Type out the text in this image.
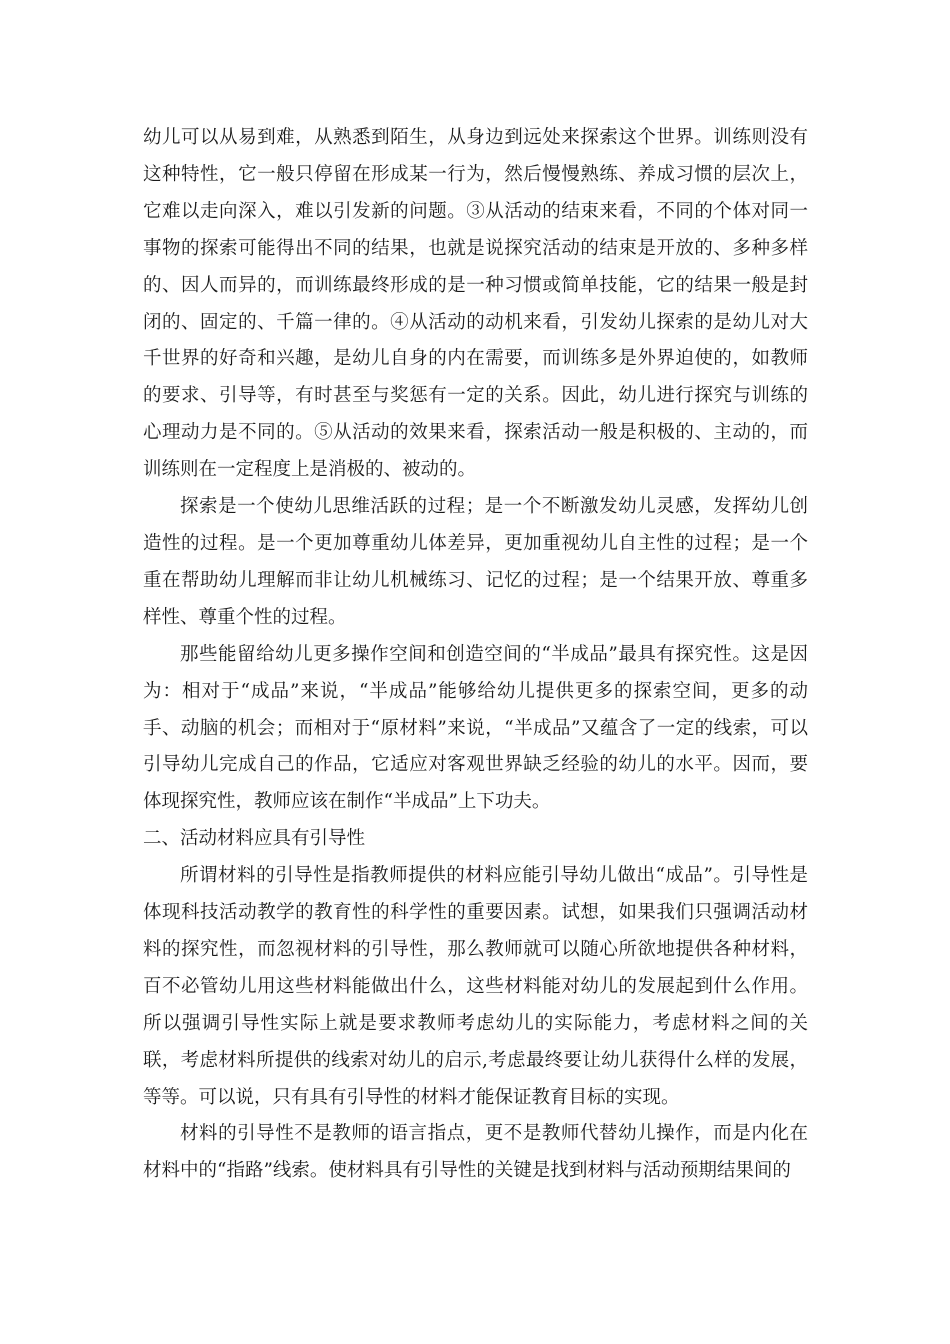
幼儿可以从易到难，从熟悉到陌生，从身边到远处来探索这个世界。训练则没有这种特性，它一般只停留在形成某一行为，然后慢慢熟练、养成习惯的层次上，它难以走向深入，难以引发新的问题。③从活动的结束来看，不同的个体对同一事物的探索可能得出不同的结果，也就是说探究活动的结束是开放的、多种多样的、因人而异的，而训练最终形成的是一种习惯或简单技能，它的结果一般是封闭的、固定的、千篇一律的。④从活动的动机来看，引发幼儿探索的是幼儿对大千世界的好奇和兴趣，是幼儿自身的内在需要，而训练多是外界迫使的，如教师的要求、引导等，有时甚至与奖惩有一定的关系。因此，幼儿进行探究与训练的心理动力是不同的。⑤从活动的效果来看，探索活动一般是积极的、主动的，而训练则在一定程度上是消极的、被动的。

探索是一个使幼儿思维活跃的过程；是一个不断激发幼儿灵感，发挥幼儿创造性的过程。是一个更加尊重幼儿体差异，更加重视幼儿自主性的过程；是一个重在帮助幼儿理解而非让幼儿机械练习、记忆的过程；是一个结果开放、尊重多样性、尊重个性的过程。

那些能留给幼儿更多操作空间和创造空间的“半成品”最具有探究性。这是因为：相对于“成品”来说，“半成品”能够给幼儿提供更多的探索空间，更多的动手、动脑的机会；而相对于“原材料”来说，“半成品”又蕴含了一定的线索，可以引导幼儿完成自己的作品，它适应对客观世界缺乏经验的幼儿的水平。因而，要体现探究性，教师应该在制作“半成品”上下功夫。

二、活动材料应具有引导性

所谓材料的引导性是指教师提供的材料应能引导幼儿做出“成品”。引导性是体现科技活动教学的教育性的科学性的重要因素。试想，如果我们只强调活动材料的探究性，而忽视材料的引导性，那么教师就可以随心所欲地提供各种材料，百不必管幼儿用这些材料能做出什么，这些材料能对幼儿的发展起到什么作用。所以强调引导性实际上就是要求教师考虑幼儿的实际能力，考虑材料之间的关联，考虑材料所提供的线索对幼儿的启示,考虑最终要让幼儿获得什么样的发展，等等。可以说，只有具有引导性的材料才能保证教育目标的实现。

材料的引导性不是教师的语言指点，更不是教师代替幼儿操作，而是内化在材料中的“指路”线索。使材料具有引导性的关键是找到材料与活动预期结果间的
